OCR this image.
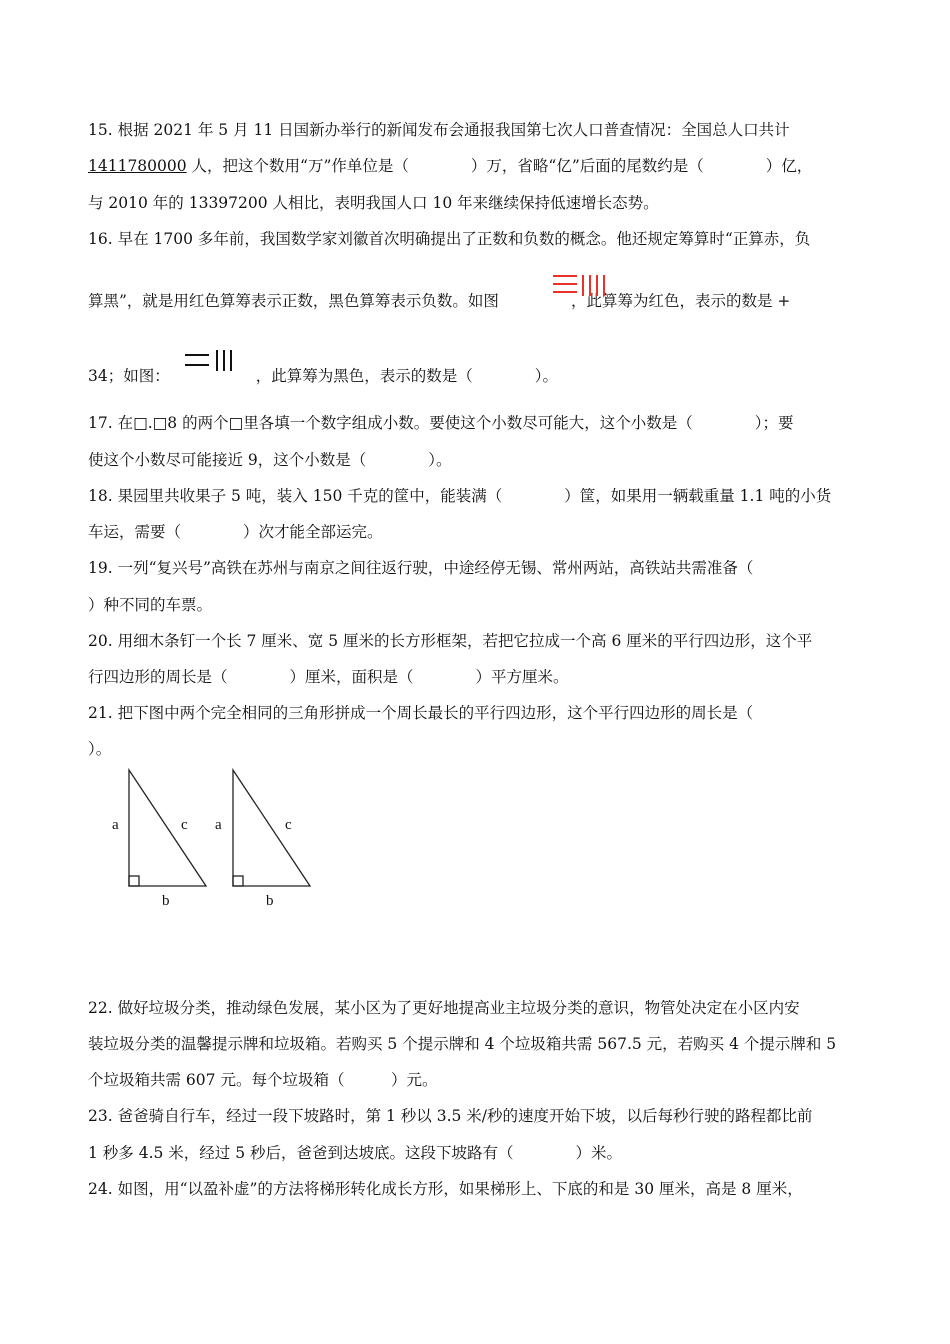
15. 根据 2021 年 5 月 11 日国新办举行的新闻发布会通报我国第七次人口普查情况：全国总人口共计
1411780000 人，把这个数用“万”作单位是（　　　　）万，省略“亿”后面的尾数约是（　　　　）亿，
与 2010 年的 13397200 人相比，表明我国人口 10 年来继续保持低速增长态势。
16. 早在 1700 多年前，我国数学家刘徽首次明确提出了正数和负数的概念。他还规定筹算时“正算赤，负
算黑”，就是用红色算筹表示正数，黑色算筹表示负数。如图	，此算筹为红色，表示的数是 +
34；如图：	，此算筹为黑色，表示的数是（　　　　）。
17. 在□.□8 的两个□里各填一个数字组成小数。要使这个小数尽可能大，这个小数是（　　　　）；要
使这个小数尽可能接近 9，这个小数是（　　　　）。
18. 果园里共收果子 5 吨，装入 150 千克的筐中，能装满（　　　　）筐，如果用一辆载重量 1.1 吨的小货
车运，需要（　　　　）次才能全部运完。
19. 一列“复兴号”高铁在苏州与南京之间往返行驶，中途经停无锡、常州两站，高铁站共需准备（
）种不同的车票。
20. 用细木条钉一个长 7 厘米、宽 5 厘米的长方形框架，若把它拉成一个高 6 厘米的平行四边形，这个平
行四边形的周长是（　　　　）厘米，面积是（　　　　）平方厘米。
21. 把下图中两个完全相同的三角形拼成一个周长最长的平行四边形，这个平行四边形的周长是（
）。
a	c
b
a	c
b
22. 做好垃圾分类，推动绿色发展，某小区为了更好地提高业主垃圾分类的意识，物管处决定在小区内安
装垃圾分类的温馨提示牌和垃圾箱。若购买 5 个提示牌和 4 个垃圾箱共需 567.5 元，若购买 4 个提示牌和 5
个垃圾箱共需 607 元。每个垃圾箱（　　　）元。
23. 爸爸骑自行车，经过一段下坡路时，第 1 秒以 3.5 米/秒的速度开始下坡，以后每秒行驶的路程都比前
1 秒多 4.5 米，经过 5 秒后，爸爸到达坡底。这段下坡路有（　　　　）米。
24. 如图，用“以盈补虚”的方法将梯形转化成长方形，如果梯形上、下底的和是 30 厘米，高是 8 厘米，
